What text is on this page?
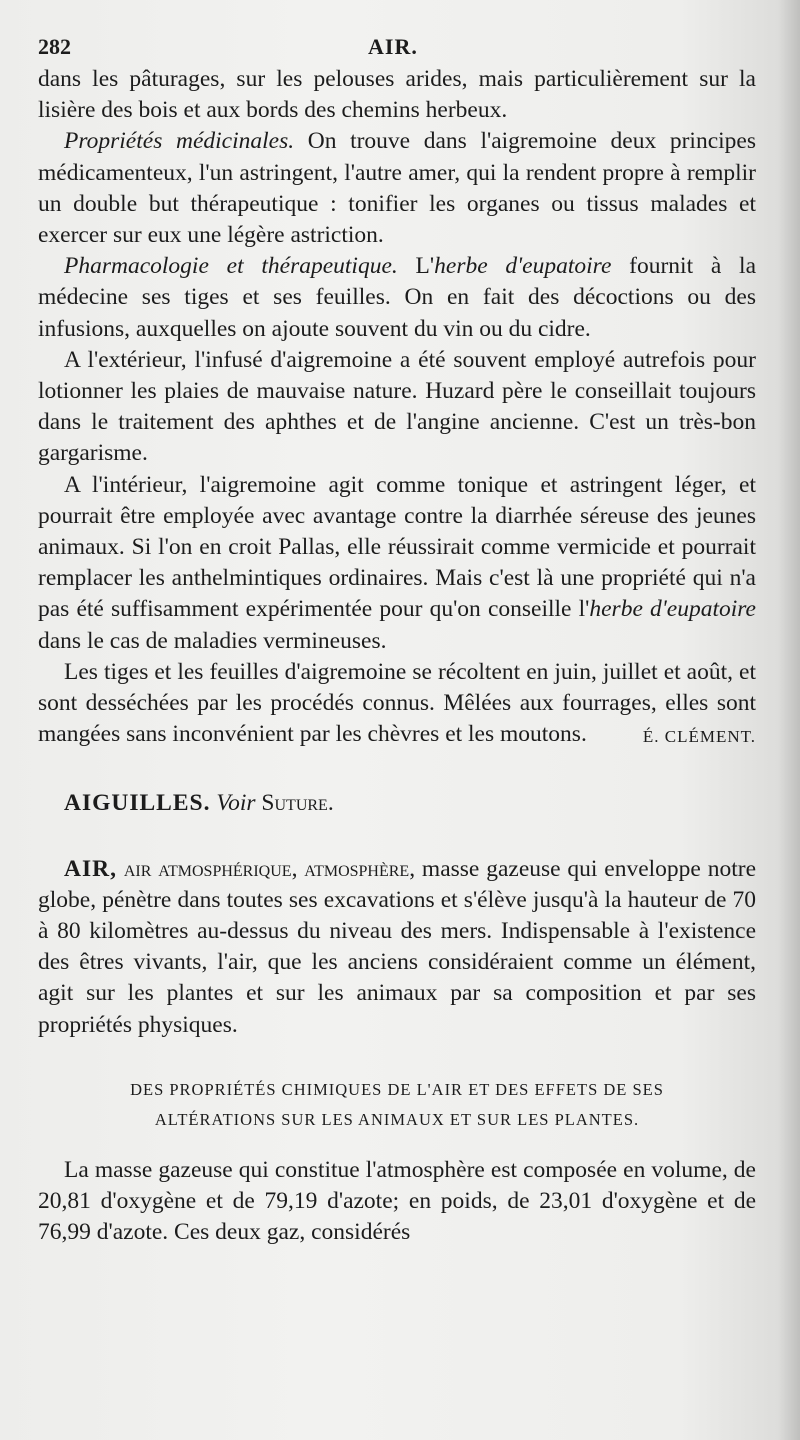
282	AIR.

dans les pâturages, sur les pelouses arides, mais particulièrement sur la lisière des bois et aux bords des chemins herbeux.

Propriétés médicinales. On trouve dans l'aigremoine deux principes médicamenteux, l'un astringent, l'autre amer, qui la rendent propre à remplir un double but thérapeutique : tonifier les organes ou tissus malades et exercer sur eux une légère astriction.

Pharmacologie et thérapeutique. L'herbe d'eupatoire fournit à la médecine ses tiges et ses feuilles. On en fait des décoctions ou des infusions, auxquelles on ajoute souvent du vin ou du cidre.

A l'extérieur, l'infusé d'aigremoine a été souvent employé autrefois pour lotionner les plaies de mauvaise nature. Huzard père le conseillait toujours dans le traitement des aphthes et de l'angine ancienne. C'est un très-bon gargarisme.

A l'intérieur, l'aigremoine agit comme tonique et astringent léger, et pourrait être employée avec avantage contre la diarrhée séreuse des jeunes animaux. Si l'on en croit Pallas, elle réussirait comme vermicide et pourrait remplacer les anthelmintiques ordinaires. Mais c'est là une propriété qui n'a pas été suffisamment expérimentée pour qu'on conseille l'herbe d'eupatoire dans le cas de maladies vermineuses.

Les tiges et les feuilles d'aigremoine se récoltent en juin, juillet et août, et sont desséchées par les procédés connus. Mêlées aux fourrages, elles sont mangées sans inconvénient par les chèvres et les moutons.	É. CLÉMENT.

AIGUILLES. Voir Suture.

AIR, air atmosphérique, atmosphère, masse gazeuse qui enveloppe notre globe, pénètre dans toutes ses excavations et s'élève jusqu'à la hauteur de 70 à 80 kilomètres au-dessus du niveau des mers. Indispensable à l'existence des êtres vivants, l'air, que les anciens considéraient comme un élément, agit sur les plantes et sur les animaux par sa composition et par ses propriétés physiques.

DES PROPRIÉTÉS CHIMIQUES DE L'AIR ET DES EFFETS DE SES
ALTÉRATIONS SUR LES ANIMAUX ET SUR LES PLANTES.

La masse gazeuse qui constitue l'atmosphère est composée en volume, de 20,81 d'oxygène et de 79,19 d'azote; en poids, de 23,01 d'oxygène et de 76,99 d'azote. Ces deux gaz, considérés
